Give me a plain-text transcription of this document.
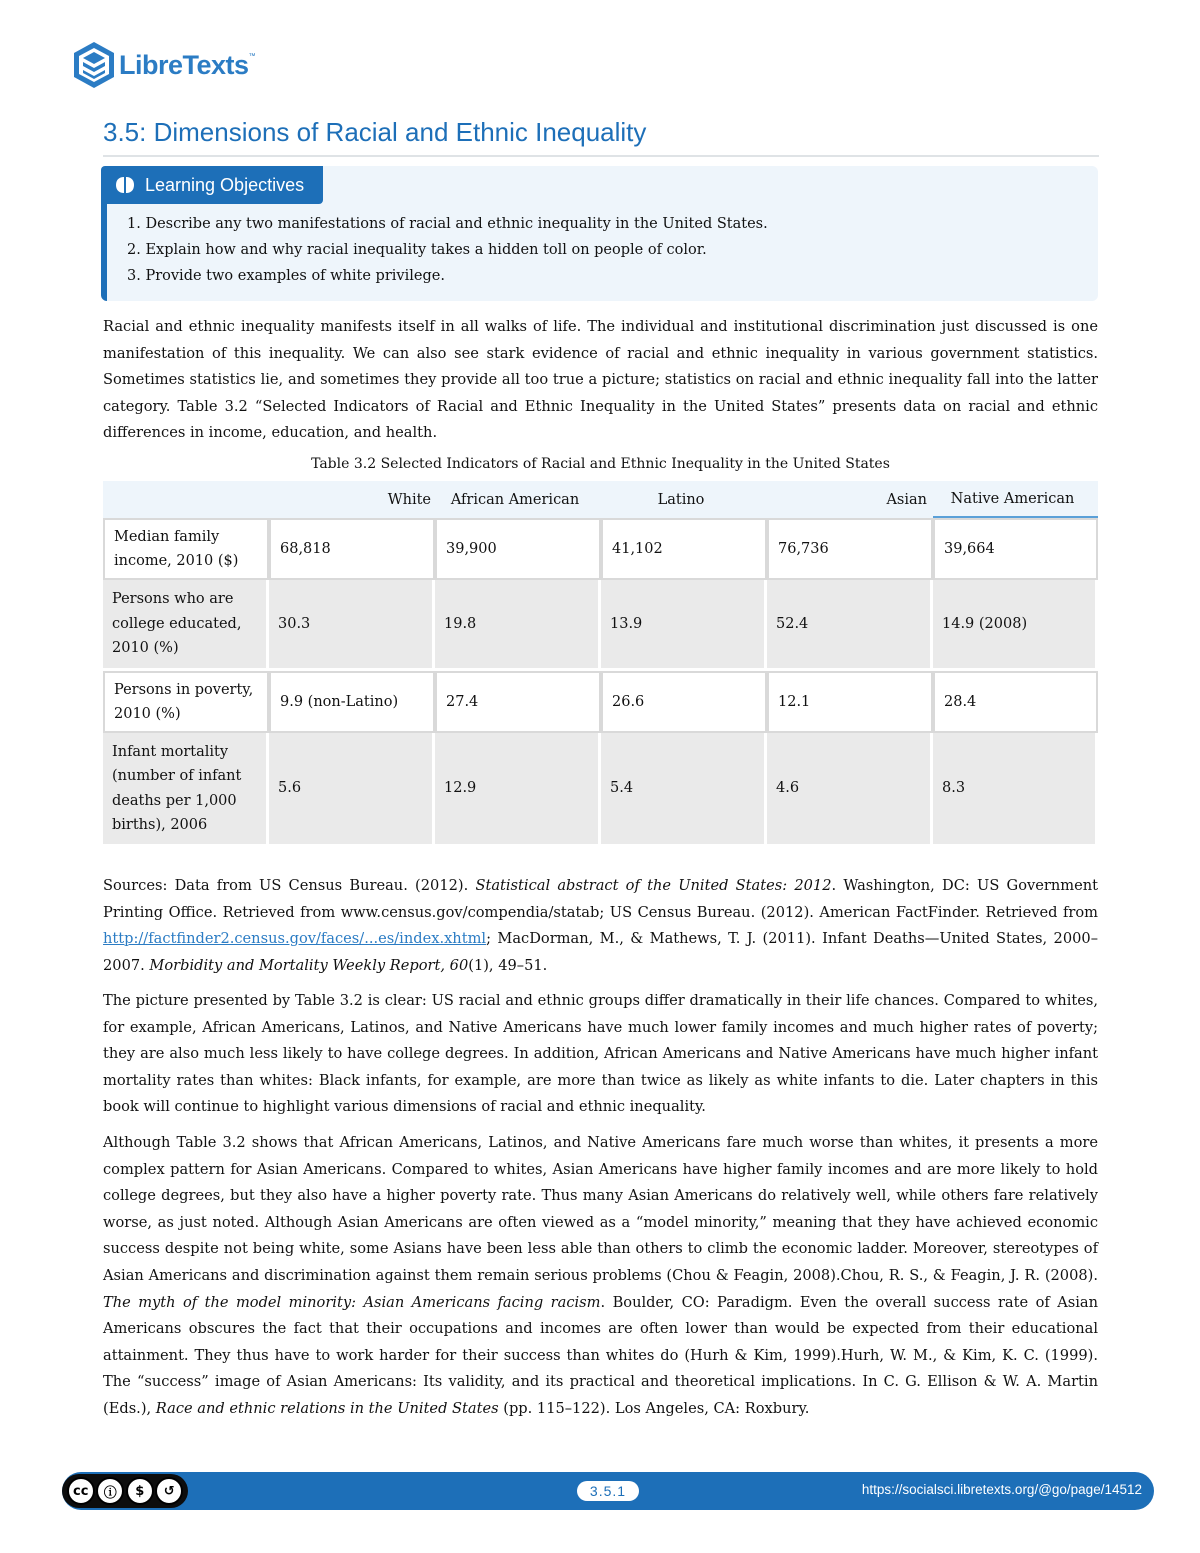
LibreTexts ™
3.5: Dimensions of Racial and Ethnic Inequality
Learning Objectives
1. Describe any two manifestations of racial and ethnic inequality in the United States.
2. Explain how and why racial inequality takes a hidden toll on people of color.
3. Provide two examples of white privilege.

Racial and ethnic inequality manifests itself in all walks of life. The individual and institutional discrimination just discussed is one manifestation of this inequality. We can also see stark evidence of racial and ethnic inequality in various government statistics. Sometimes statistics lie, and sometimes they provide all too true a picture; statistics on racial and ethnic inequality fall into the latter category. Table 3.2 “Selected Indicators of Racial and Ethnic Inequality in the United States” presents data on racial and ethnic differences in income, education, and health.

Table 3.2 Selected Indicators of Racial and Ethnic Inequality in the United States
	White	African American	Latino	Asian	Native American
Median family income, 2010 ($)	68,818	39,900	41,102	76,736	39,664
Persons who are college educated, 2010 (%)	30.3	19.8	13.9	52.4	14.9 (2008)
Persons in poverty, 2010 (%)	9.9 (non-Latino)	27.4	26.6	12.1	28.4
Infant mortality (number of infant deaths per 1,000 births), 2006	5.6	12.9	5.4	4.6	8.3

Sources: Data from US Census Bureau. (2012). Statistical abstract of the United States: 2012. Washington, DC: US Government Printing Office. Retrieved from www.census.gov/compendia/statab; US Census Bureau. (2012). American FactFinder. Retrieved from http://factfinder2.census.gov/faces/...es/index.xhtml; MacDorman, M., & Mathews, T. J. (2011). Infant Deaths—United States, 2000–2007. Morbidity and Mortality Weekly Report, 60(1), 49–51.

The picture presented by Table 3.2 is clear: US racial and ethnic groups differ dramatically in their life chances. Compared to whites, for example, African Americans, Latinos, and Native Americans have much lower family incomes and much higher rates of poverty; they are also much less likely to have college degrees. In addition, African Americans and Native Americans have much higher infant mortality rates than whites: Black infants, for example, are more than twice as likely as white infants to die. Later chapters in this book will continue to highlight various dimensions of racial and ethnic inequality.

Although Table 3.2 shows that African Americans, Latinos, and Native Americans fare much worse than whites, it presents a more complex pattern for Asian Americans. Compared to whites, Asian Americans have higher family incomes and are more likely to hold college degrees, but they also have a higher poverty rate. Thus many Asian Americans do relatively well, while others fare relatively worse, as just noted. Although Asian Americans are often viewed as a “model minority,” meaning that they have achieved economic success despite not being white, some Asians have been less able than others to climb the economic ladder. Moreover, stereotypes of Asian Americans and discrimination against them remain serious problems (Chou & Feagin, 2008).Chou, R. S., & Feagin, J. R. (2008). The myth of the model minority: Asian Americans facing racism. Boulder, CO: Paradigm. Even the overall success rate of Asian Americans obscures the fact that their occupations and incomes are often lower than would be expected from their educational attainment. They thus have to work harder for their success than whites do (Hurh & Kim, 1999).Hurh, W. M., & Kim, K. C. (1999). The “success” image of Asian Americans: Its validity, and its practical and theoretical implications. In C. G. Ellison & W. A. Martin (Eds.), Race and ethnic relations in the United States (pp. 115–122). Los Angeles, CA: Roxbury.

cc	ⓘ	$	↺	3.5.1	https://socialsci.libretexts.org/@go/page/14512
